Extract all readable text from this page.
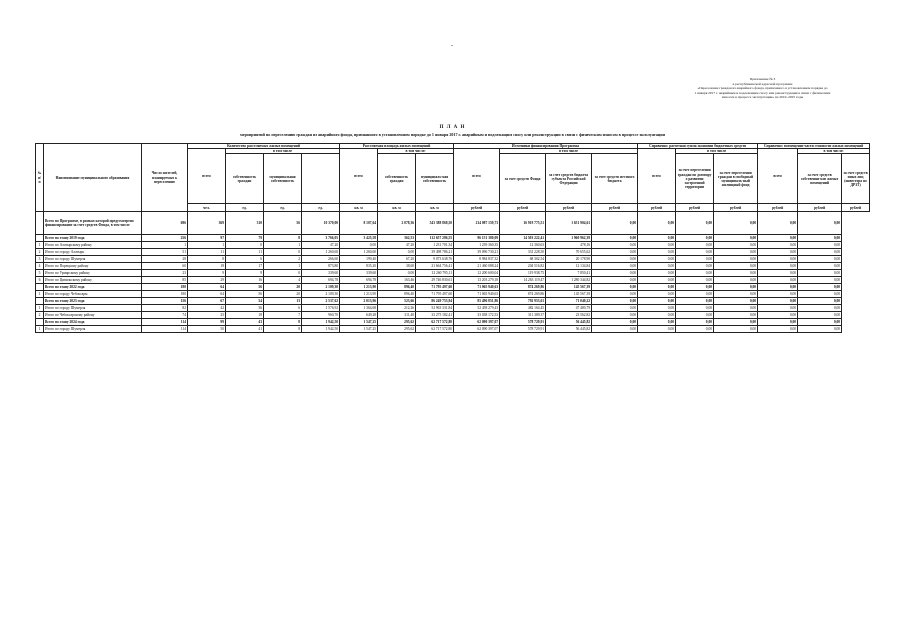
.
Приложение № 3
к республиканской адресной программе
«Переселение граждан из аварийного фонда, признанного в установленном порядке до
1 января 2017 г. аварийным и подлежащим сносу или реконструкции в связи с физическим
износом в процессе эксплуатации» на 2019–2025 годы
П Л А Н
мероприятий по переселению граждан из аварийного фонда, признанного в установленном порядке до 1 января 2017 г. аварийным и подлежащим сносу или реконструкции в связи с физическим износом в процессе эксплуатации
№ п/п	Наименование муниципального образования	Число жителей, планируемых к переселению	Количество расселяемых жилых помещений				Расселяемая площадь жилых помещений			Источники финансирования Программы				Справочно: расчетная сумма экономии бюджетных средств			Справочно: возмещение части стоимости жилых помещений		
			всего	в том числе			всего	в том числе:		всего	в том числе			всего	в том числе		всего	в том числе:	
				собственность граждан	муниципальная собственность			собственность граждан	муниципаль-ная собственность		за счет средств Фонда	за счет средств бюджета субъекта Российской Федерации	за счет средств местного бюджета		за счет переселения граждан по договору о развитии застроенной территории	за счет переселения граждан в свободный муниципаль-ный жилищный фонд		за счет средств собственни-ков жилых помещений	за счет средств иных лиц (инвестора по ДРЗТ)
			чел.	ед.	ед.	ед.	кв. м	кв. м	кв. м	рублей	рублей	рублей	рублей	рублей	рублей	рублей	рублей	рублей	рублей
	Всего по Программе, в рамках которой предусмотрено финансирование за счет средств Фонда, в том числе	696	369	310	56	10 370,00	8 107,64	2 078,36	543 388 868,50	214 087 159,73	16 919 775,51	1 651 904,61	0,00	0,00	0,00	0,00	0,00	0,00	
	Всего по этапу 2019 года	256	97	79	8	3 766,05	3 425,58	362,53	112 657 286,55	96 151 380,09	14 503 222,41	1 960 962,39	0,00	0,00	0,00	0,00	0,00	0,00	
1	Итого по Алатырскому району	1	1	0	1	47,20	0,00	47,20	1 231 701,34	1 239 360,35	12 360,63	478,16	0,00	0,00	0,00	0,00	0,00	0,00	
2	Итого по городу Алатырь	51	11	11	0	1 260,60	1 260,60	0,00	39 498 786,21	39 096 730,21	331 228,50	70 655,62	0,00	0,00	0,00	0,00	0,00	0,00	
3	Итого по городу Шумерля	28	8	6	2	266,60	199,40	67,20	9 073 638,76	8 984 837,32	68 302,54	20 178,90	0,00	0,00	0,00	0,00	0,00	0,00	
4	Итого по Порецкому району	60	18	17	1	873,80	835,20	38,60	21 664 756,41	21 460 088,24	204 516,82	12 134,84	0,00	0,00	0,00	0,00	0,00	0,00	
5	Итого по Урмарскому району	23	9	9	0	339,60	339,60	0,00	12 260 795,11	12 200 600,04	119 938,75	7 850,41	0,00	0,00	0,00	0,00	0,00	0,00	
6	Итого по Цивильскому району	85	29	16	4	694,78	694,78	163,46	29 746 830,61	13 203 279,18	14 263 119,47	1 280 344,82	0,00	0,00	0,00	0,00	0,00	0,00	
	Всего по этапу 2022 года	180	64	56	20	2 109,30	1 213,90	896,40	71 795 497,60	71 065 940,63	874 269,86	145 567,39	0,00	0,00	0,00	0,00	0,00	0,00	
1	Итого по городу Чебоксары	180	64	56	20	2 109,30	1 213,90	896,40	71 795 497,60	71 065 940,63	874 269,86	145 567,39	0,00	0,00	0,00	0,00	0,00	0,00	
	Всего по этапу 2023 года	156	67	54	13	2 537,62	2 013,96	523,66	86 249 753,94	85 496 851,86	792 953,61	71 040,22	0,00	0,00	0,00	0,00	0,00	0,00	
1	Итого по городу Шумерля	82	42	36	6	1 576,92	1 364,68	212,26	52 963 331,84	52 458 279,43	482 164,45	47 480,79	0,00	0,00	0,00	0,00	0,00	0,00	
2	Итого по Чебоксарскому району	74	25	18	7	960,70	649,28	311,40	33 275 182,41	33 038 172,53	311 389,37	23 562,82	0,00	0,00	0,00	0,00	0,00	0,00	
	Всего по этапу 2024 года	114	99	43	8	1 942,50	1 547,25	295,62	62 717 572,80	62 090 397,07	578 729,91	56 445,82	0,00	0,00	0,00	0,00	0,00	0,00	
1	Итого по городу Шумерля	114	50	41	8	1 942,50	1 547,25	295,62	62 717 572,80	62 090 397,07	578 729,91	56 445,82	0,00	0,00	0,00	0,00	0,00	0,00	
